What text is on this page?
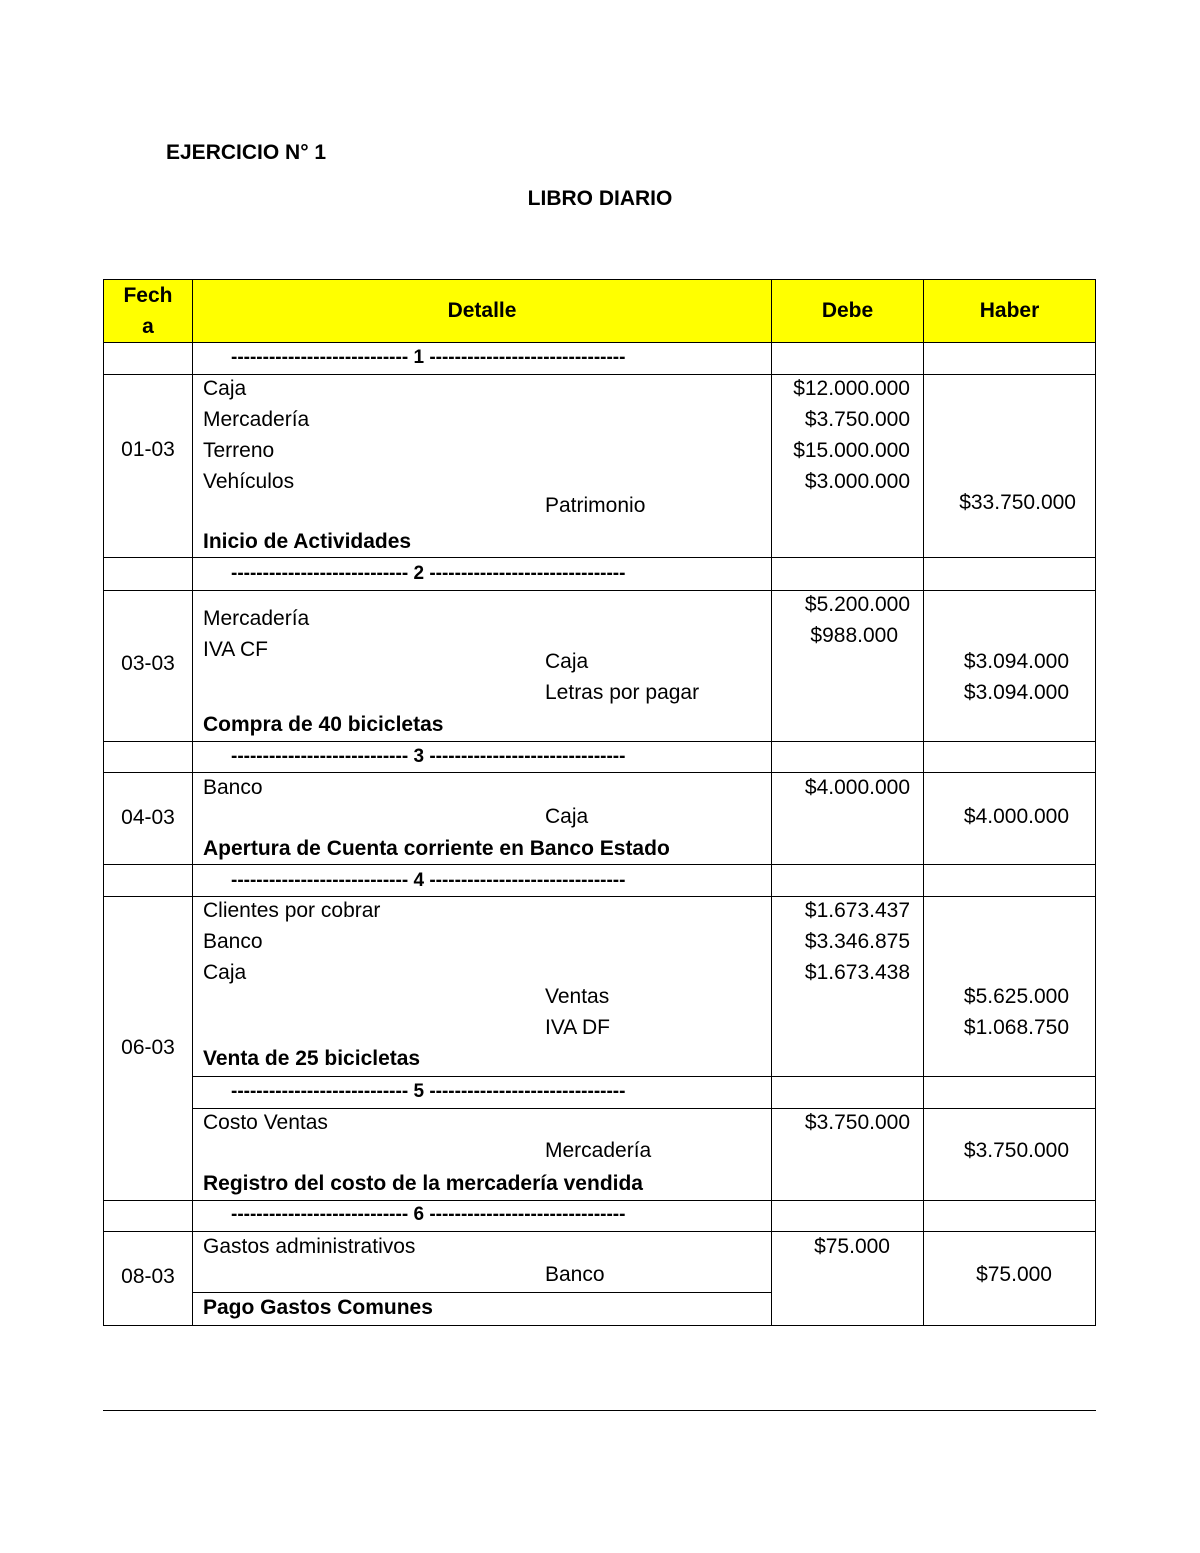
EJERCICIO N° 1
LIBRO DIARIO
Fech
a
Detalle	Debe	Haber
---------------------------- 1 -------------------------------
01-03
Caja
Mercadería
Terreno
Vehículos
Patrimonio
Inicio de Actividades
$12.000.000
$3.750.000
$15.000.000
$3.000.000
$33.750.000
---------------------------- 2 -------------------------------
03-03
Mercadería
IVA CF
Caja
Letras por pagar
Compra de 40 bicicletas
$5.200.000
$988.000
$3.094.000
$3.094.000
---------------------------- 3 -------------------------------
04-03
Banco
Caja
Apertura de Cuenta corriente en Banco Estado
$4.000.000
$4.000.000
---------------------------- 4 -------------------------------
06-03
Clientes por cobrar
Banco
Caja
Ventas
IVA DF
Venta de 25 bicicletas
$1.673.437
$3.346.875
$1.673.438
$5.625.000
$1.068.750
---------------------------- 5 -------------------------------
Costo Ventas
Mercadería
Registro del costo de la mercadería vendida
$3.750.000
$3.750.000
---------------------------- 6 -------------------------------
08-03
Gastos administrativos
Banco
Pago Gastos Comunes
$75.000
$75.000
